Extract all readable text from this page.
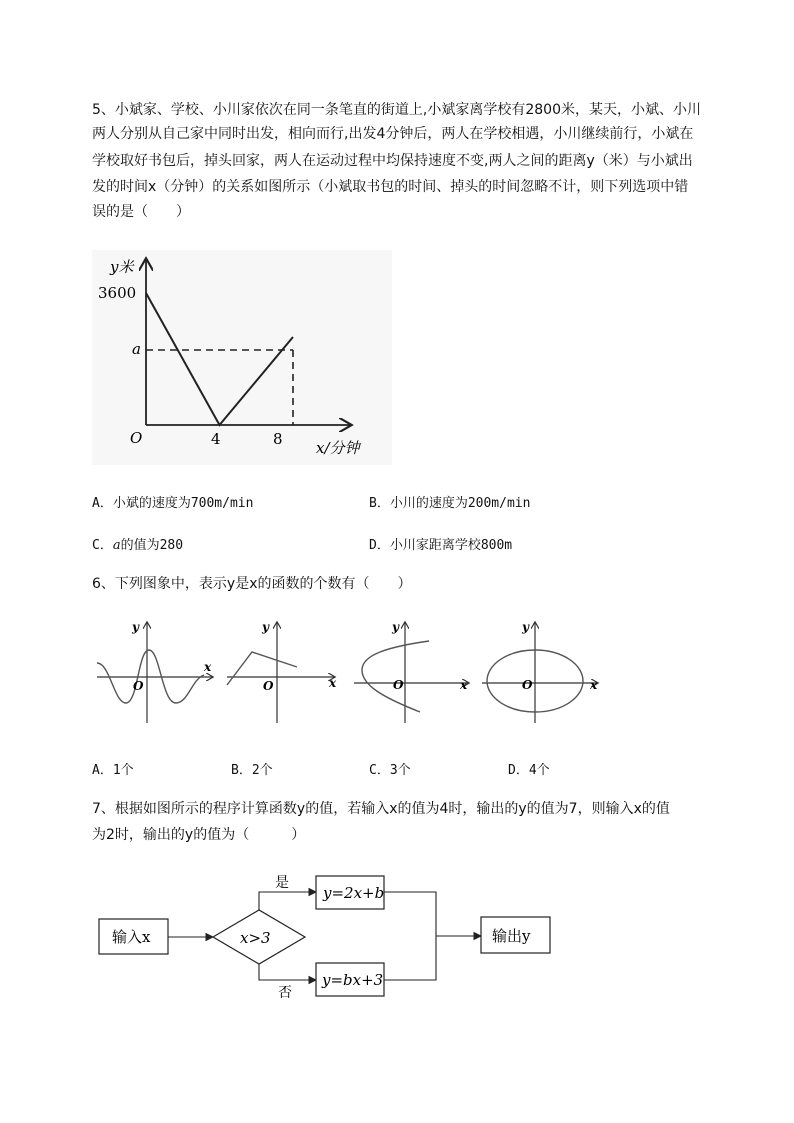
5、小斌家、学校、小川家依次在同一条笔直的街道上,小斌家离学校有2800米，某天，小斌、小川
两人分别从自己家中同时出发，相向而行,出发4分钟后，两人在学校相遇，小川继续前行，小斌在
学校取好书包后，掉头回家，两人在运动过程中均保持速度不变,两人之间的距离y（米）与小斌出
发的时间x（分钟）的关系如图所示（小斌取书包的时间、掉头的时间忽略不计，则下列选项中错
误的是（　　）
y米
3600
a
O	4	8 x/分钟
A．小斌的速度为700m/min	B．小川的速度为200m/min
C．a的值为280	D．小川家距离学校800m
6、下列图象中，表示y是x的函数的个数有（　　）
y
x
O
y
x
O
y
x
O
y
x
O
A．1个	B．2个	C．3个	D．4个
7、根据如图所示的程序计算函数y的值，若输入x的值为4时，输出的y的值为7，则输入x的值
为2时，输出的y的值为（　　　）
输入x	x>3
是
y=2x+b
否
y=bx+3
输出y
